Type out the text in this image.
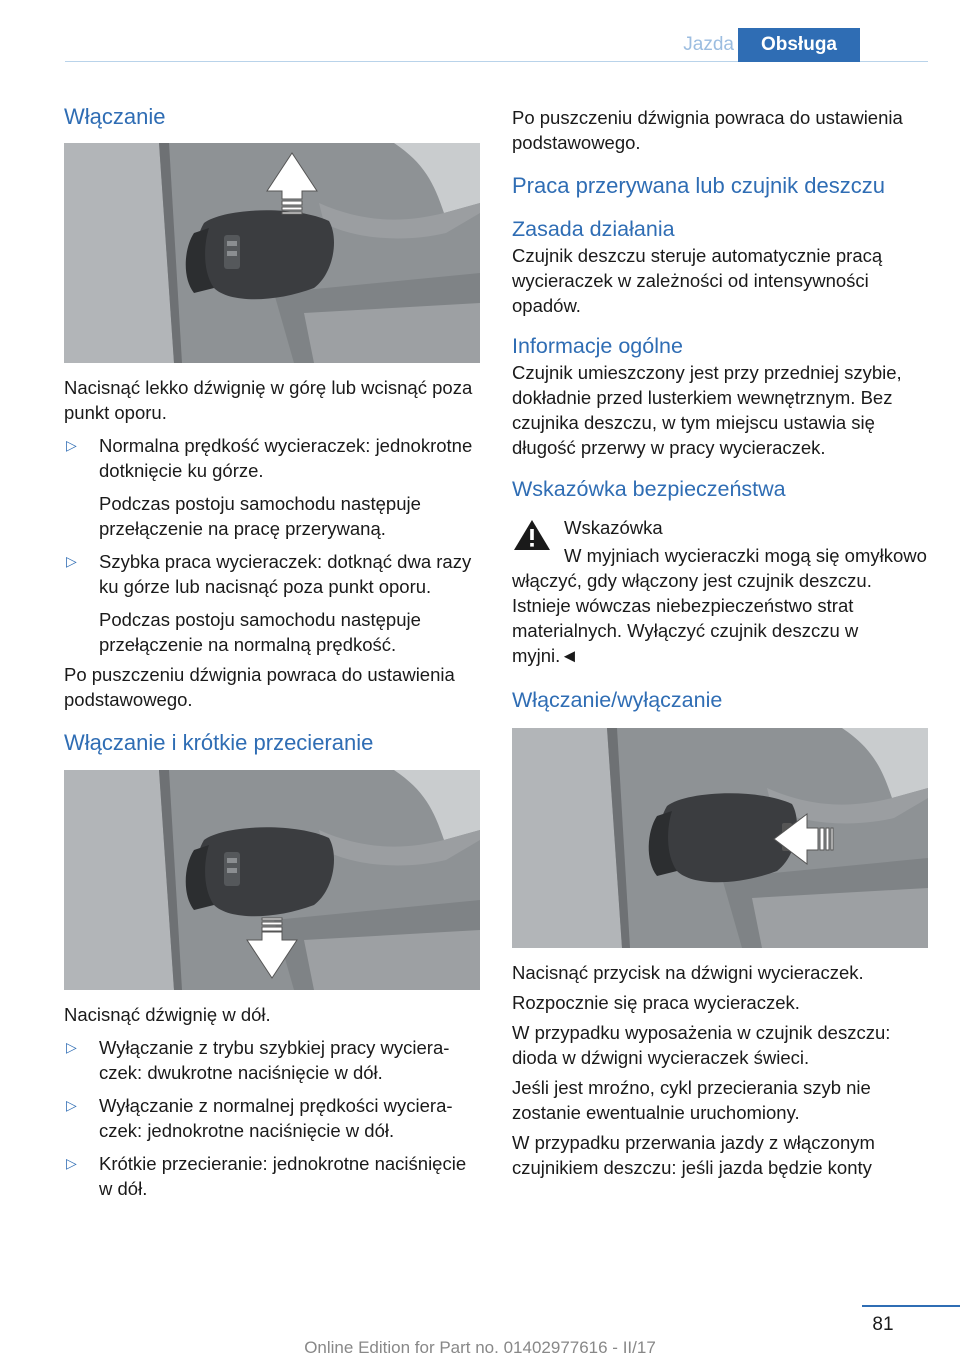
Jazda	Obsługa
Włączanie

Nacisnąć lekko dźwignię w górę lub wcisnąć poza punkt oporu.

▷ Normalna prędkość wycieraczek: jednokrotne dotknięcie ku górze.

Podczas postoju samochodu następuje przełączenie na pracę przerywaną.

▷ Szybka praca wycieraczek: dotknąć dwa razy ku górze lub nacisnąć poza punkt oporu.

Podczas postoju samochodu następuje przełączenie na normalną prędkość.

Po puszczeniu dźwignia powraca do ustawienia podstawowego.

Włączanie i krótkie przecieranie

Nacisnąć dźwignię w dół.

▷ Wyłączanie z trybu szybkiej pracy wycieraczek: dwukrotne naciśnięcie w dół.

▷ Wyłączanie z normalnej prędkości wycieraczek: jednokrotne naciśnięcie w dół.

▷ Krótkie przecieranie: jednokrotne naciśnięcie w dół.

Po puszczeniu dźwignia powraca do ustawienia podstawowego.

Praca przerywana lub czujnik deszczu
Zasada działania

Czujnik deszczu steruje automatycznie pracą wycieraczek w zależności od intensywności opadów.

Informacje ogólne

Czujnik umieszczony jest przy przedniej szybie, dokładnie przed lusterkiem wewnętrznym. Bez czujnika deszczu, w tym miejscu ustawia się długość przerwy w pracy wycieraczek.

Wskazówka bezpieczeństwa

Wskazówka

W myjniach wycieraczki mogą się omyłkowo włączyć, gdy włączony jest czujnik deszczu. Istnieje wówczas niebezpieczeństwo strat materialnych. Wyłączyć czujnik deszczu w myjni.◄

Włączanie/wyłączanie

Nacisnąć przycisk na dźwigni wycieraczek.

Rozpocznie się praca wycieraczek.

W przypadku wyposażenia w czujnik deszczu: dioda w dźwigni wycieraczek świeci.

Jeśli jest mroźno, cykl przecierania szyb nie zostanie ewentualnie uruchomiony.

W przypadku przerwania jazdy z włączonym czujnikiem deszczu: jeśli jazda będzie konty

81
Online Edition for Part no. 01402977616 - II/17
